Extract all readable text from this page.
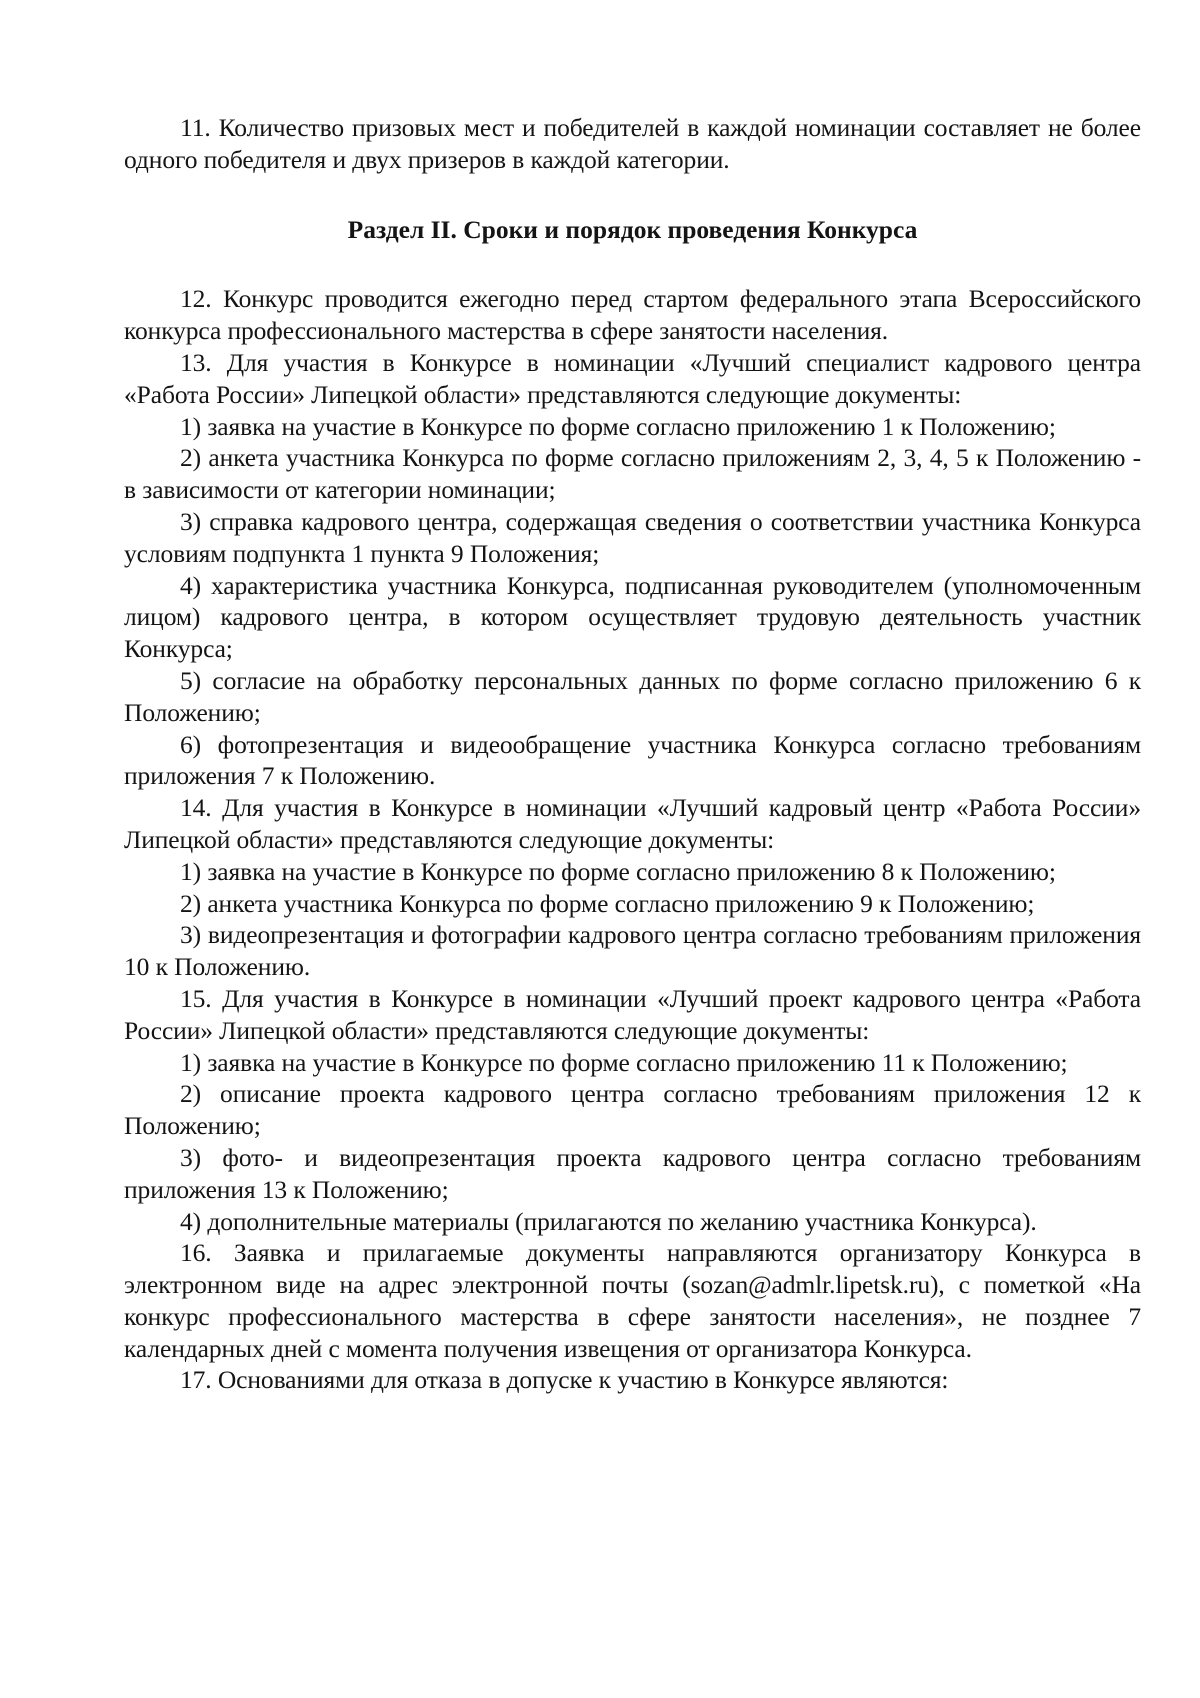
11. Количество призовых мест и победителей в каждой номинации составляет не более одного победителя и двух призеров в каждой категории.

Раздел II. Сроки и порядок проведения Конкурса

12. Конкурс проводится ежегодно перед стартом федерального этапа Всероссийского конкурса профессионального мастерства в сфере занятости населения.

13. Для участия в Конкурсе в номинации «Лучший специалист кадрового центра «Работа России» Липецкой области» представляются следующие документы:

1) заявка на участие в Конкурсе по форме согласно приложению 1 к Положению;

2) анкета участника Конкурса по форме согласно приложениям 2, 3, 4, 5 к Положению - в зависимости от категории номинации;

3) справка кадрового центра, содержащая сведения о соответствии участника Конкурса условиям подпункта 1 пункта 9 Положения;

4) характеристика участника Конкурса, подписанная руководителем (уполномоченным лицом) кадрового центра, в котором осуществляет трудовую деятельность участник Конкурса;

5) согласие на обработку персональных данных по форме согласно приложению 6 к Положению;

6) фотопрезентация и видеообращение участника Конкурса согласно требованиям приложения 7 к Положению.

14. Для участия в Конкурсе в номинации «Лучший кадровый центр «Работа России» Липецкой области» представляются следующие документы:

1) заявка на участие в Конкурсе по форме согласно приложению 8 к Положению;

2) анкета участника Конкурса по форме согласно приложению 9 к Положению;

3) видеопрезентация и фотографии кадрового центра согласно требованиям приложения 10 к Положению.

15. Для участия в Конкурсе в номинации «Лучший проект кадрового центра «Работа России» Липецкой области» представляются следующие документы:

1) заявка на участие в Конкурсе по форме согласно приложению 11 к Положению;

2) описание проекта кадрового центра согласно требованиям приложения 12 к Положению;

3) фото- и видеопрезентация проекта кадрового центра согласно требованиям приложения 13 к Положению;

4) дополнительные материалы (прилагаются по желанию участника Конкурса).

16. Заявка и прилагаемые документы направляются организатору Конкурса в электронном виде на адрес электронной почты (sozan@admlr.lipetsk.ru), с пометкой «На конкурс профессионального мастерства в сфере занятости населения», не позднее 7 календарных дней с момента получения извещения от организатора Конкурса.

17. Основаниями для отказа в допуске к участию в Конкурсе являются:
